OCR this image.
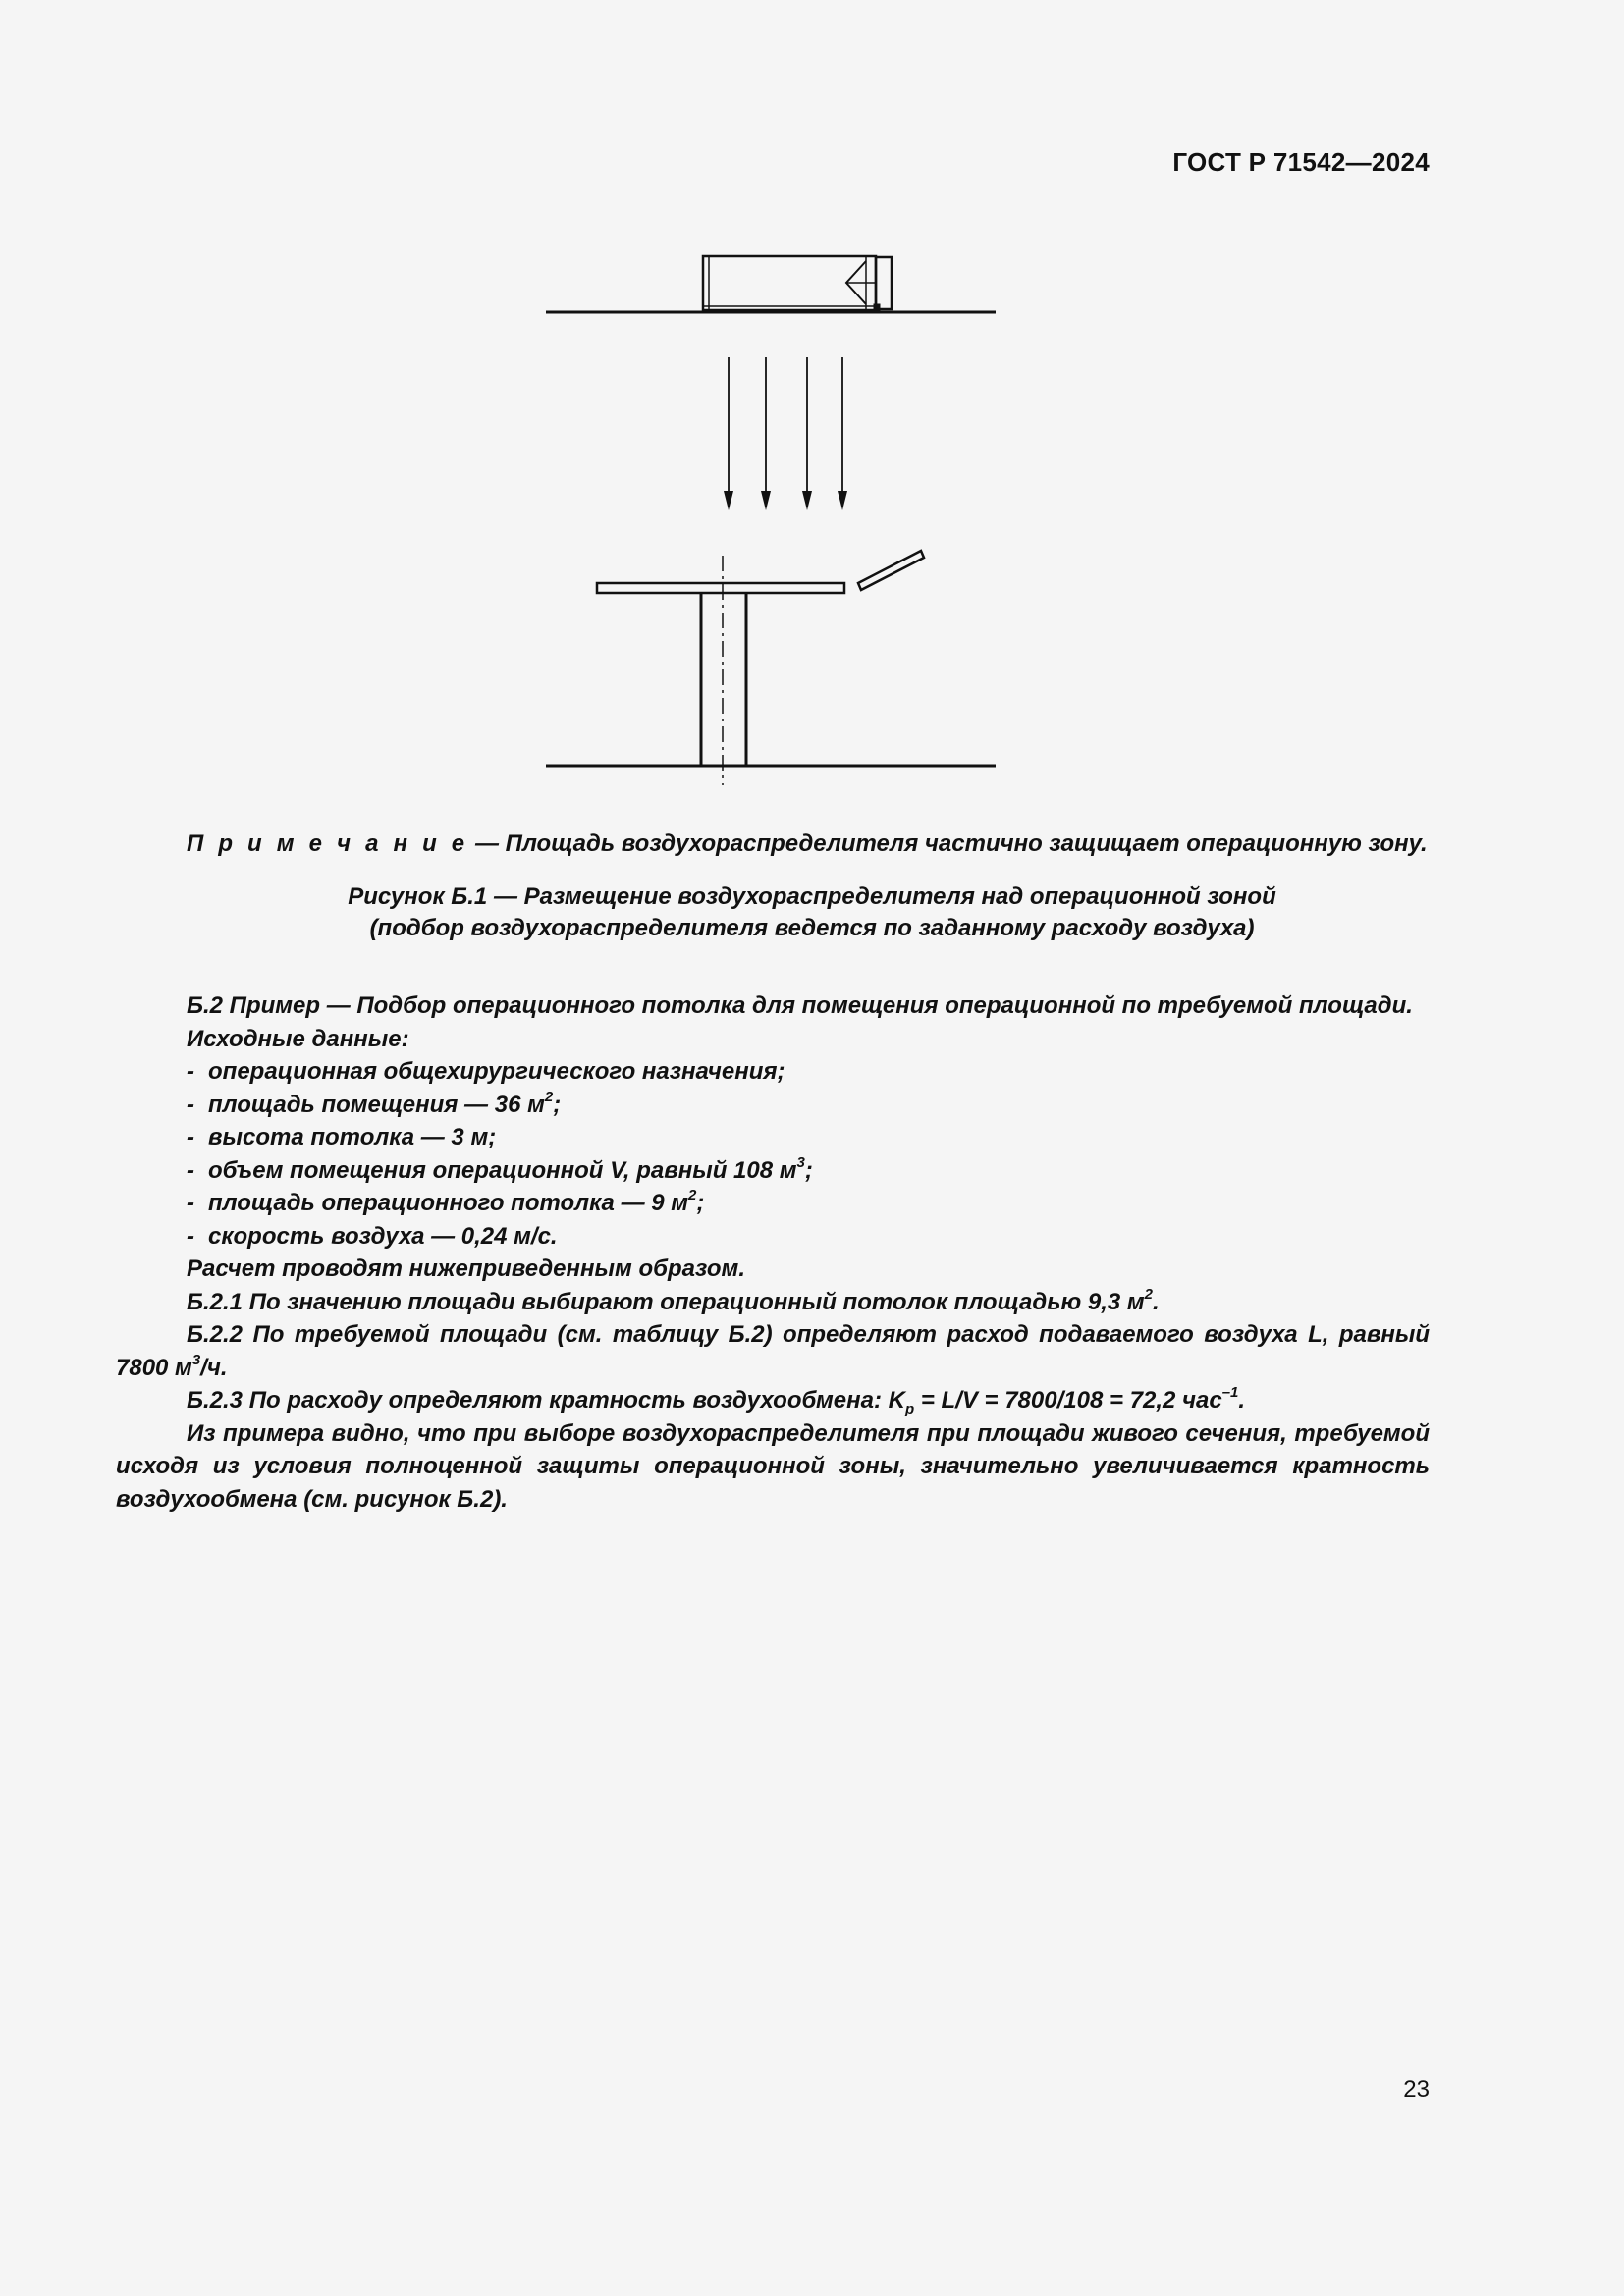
ГОСТ Р 71542—2024
П р и м е ч а н и е — Площадь воздухораспределителя частично защищает операционную зону.
Рисунок Б.1 — Размещение воздухораспределителя над операционной зоной
(подбор воздухораспределителя ведется по заданному расходу воздуха)

Б.2 Пример — Подбор операционного потолка для помещения операционной по требуемой площади.

Исходные данные:

- операционная общехирургического назначения;

- площадь помещения — 36 $м^2$;

- высота потолка — 3 м;

- объем помещения операционной V, равный 108 $м^3$;

- площадь операционного потолка — 9 $м^2$;

- скорость воздуха — 0,24 м/с.

Расчет проводят нижеприведенным образом.

Б.2.1 По значению площади выбирают операционный потолок площадью 9,3 $м^2$.

Б.2.2 По требуемой площади (см. таблицу Б.2) определяют расход подаваемого воздуха L, равный 7800 $м^3/ч$.

Б.2.3 По расходу определяют кратность воздухообмена: $K_p = L/V = 7800/108 = 72,2$ час$^{-1}$.

Из примера видно, что при выборе воздухораспределителя при площади живого сечения, требуемой исходя из условия полноценной защиты операционной зоны, значительно увеличивается кратность воздухообмена (см. рисунок Б.2).

23
